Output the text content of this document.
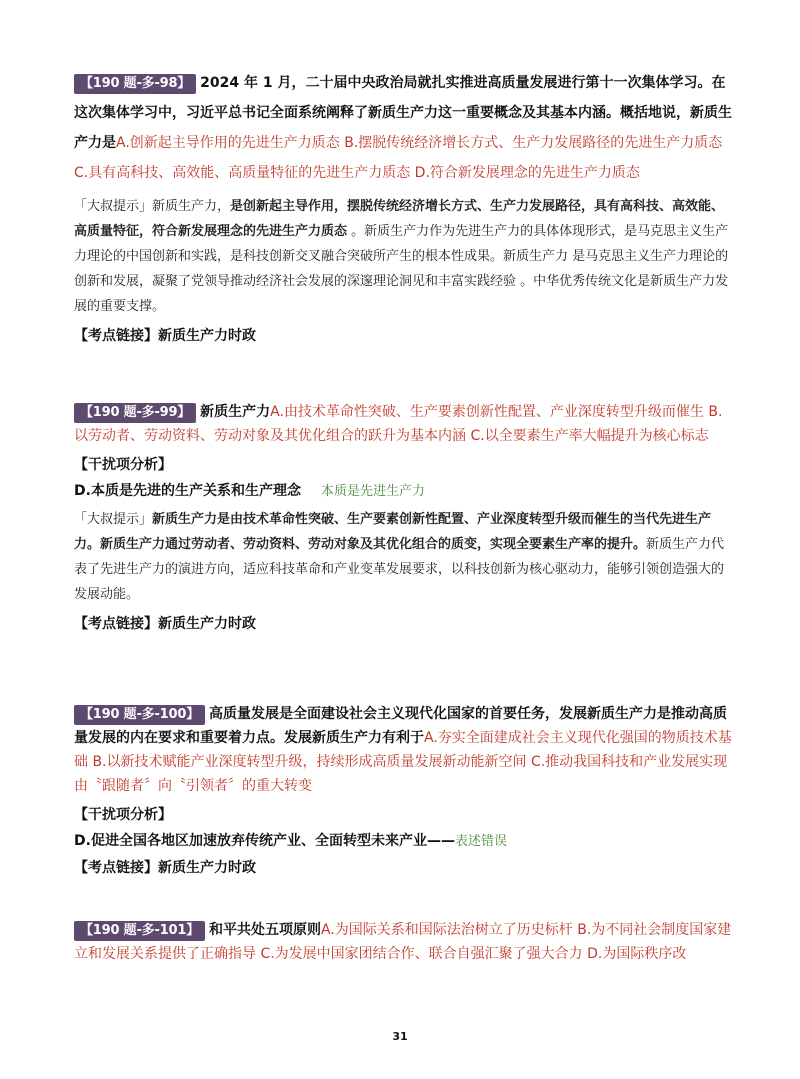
【190 题-多-98】 2024 年 1 月，二十届中央政治局就扎实推进高质量发展进行第十一次集体学习。在这次集体学习中，习近平总书记全面系统阐释了新质生产力这一重要概念及其基本内涵。概括地说，新质生产力是A.创新起主导作用的先进生产力质态 B.摆脱传统经济增长方式、生产力发展路径的先进生产力质态 C.具有高科技、高效能、高质量特征的先进生产力质态 D.符合新发展理念的先进生产力质态

「大叔提示」新质生产力，是创新起主导作用，摆脱传统经济增长方式、生产力发展路径，具有高科技、高效能、高质量特征，符合新发展理念的先进生产力质态 。新质生产力作为先进生产力的具体体现形式，是马克思主义生产力理论的中国创新和实践，是科技创新交叉融合突破所产生的根本性成果。新质生产力 是马克思主义生产力理论的创新和发展，凝聚了党领导推动经济社会发展的深邃理论洞见和丰富实践经验 。中华优秀传统文化是新质生产力发展的重要支撑。

【考点链接】新质生产力时政

【190 题-多-99】 新质生产力A.由技术革命性突破、生产要素创新性配置、产业深度转型升级而催生 B.以劳动者、劳动资料、劳动对象及其优化组合的跃升为基本内涵 C.以全要素生产率大幅提升为核心标志

【干扰项分析】

D.本质是先进的生产关系和生产理念 本质是先进生产力

「大叔提示」新质生产力是由技术革命性突破、生产要素创新性配置、产业深度转型升级而催生的当代先进生产力。新质生产力通过劳动者、劳动资料、劳动对象及其优化组合的质变，实现全要素生产率的提升。新质生产力代表了先进生产力的演进方向，适应科技革命和产业变革发展要求，以科技创新为核心驱动力，能够引领创造强大的发展动能。

【考点链接】新质生产力时政

【190 题-多-100】 高质量发展是全面建设社会主义现代化国家的首要任务，发展新质生产力是推动高质量发展的内在要求和重要着力点。发展新质生产力有利于A.夯实全面建成社会主义现代化强国的物质技术基础 B.以新技术赋能产业深度转型升级，持续形成高质量发展新动能新空间 C.推动我国科技和产业发展实现由〝跟随者〞向〝引领者〞的重大转变

【干扰项分析】

D.促进全国各地区加速放弃传统产业、全面转型未来产业——表述错误

【考点链接】新质生产力时政

【190 题-多-101】 和平共处五项原则A.为国际关系和国际法治树立了历史标杆 B.为不同社会制度国家建立和发展关系提供了正确指导 C.为发展中国家团结合作、联合自强汇聚了强大合力 D.为国际秩序改

31
